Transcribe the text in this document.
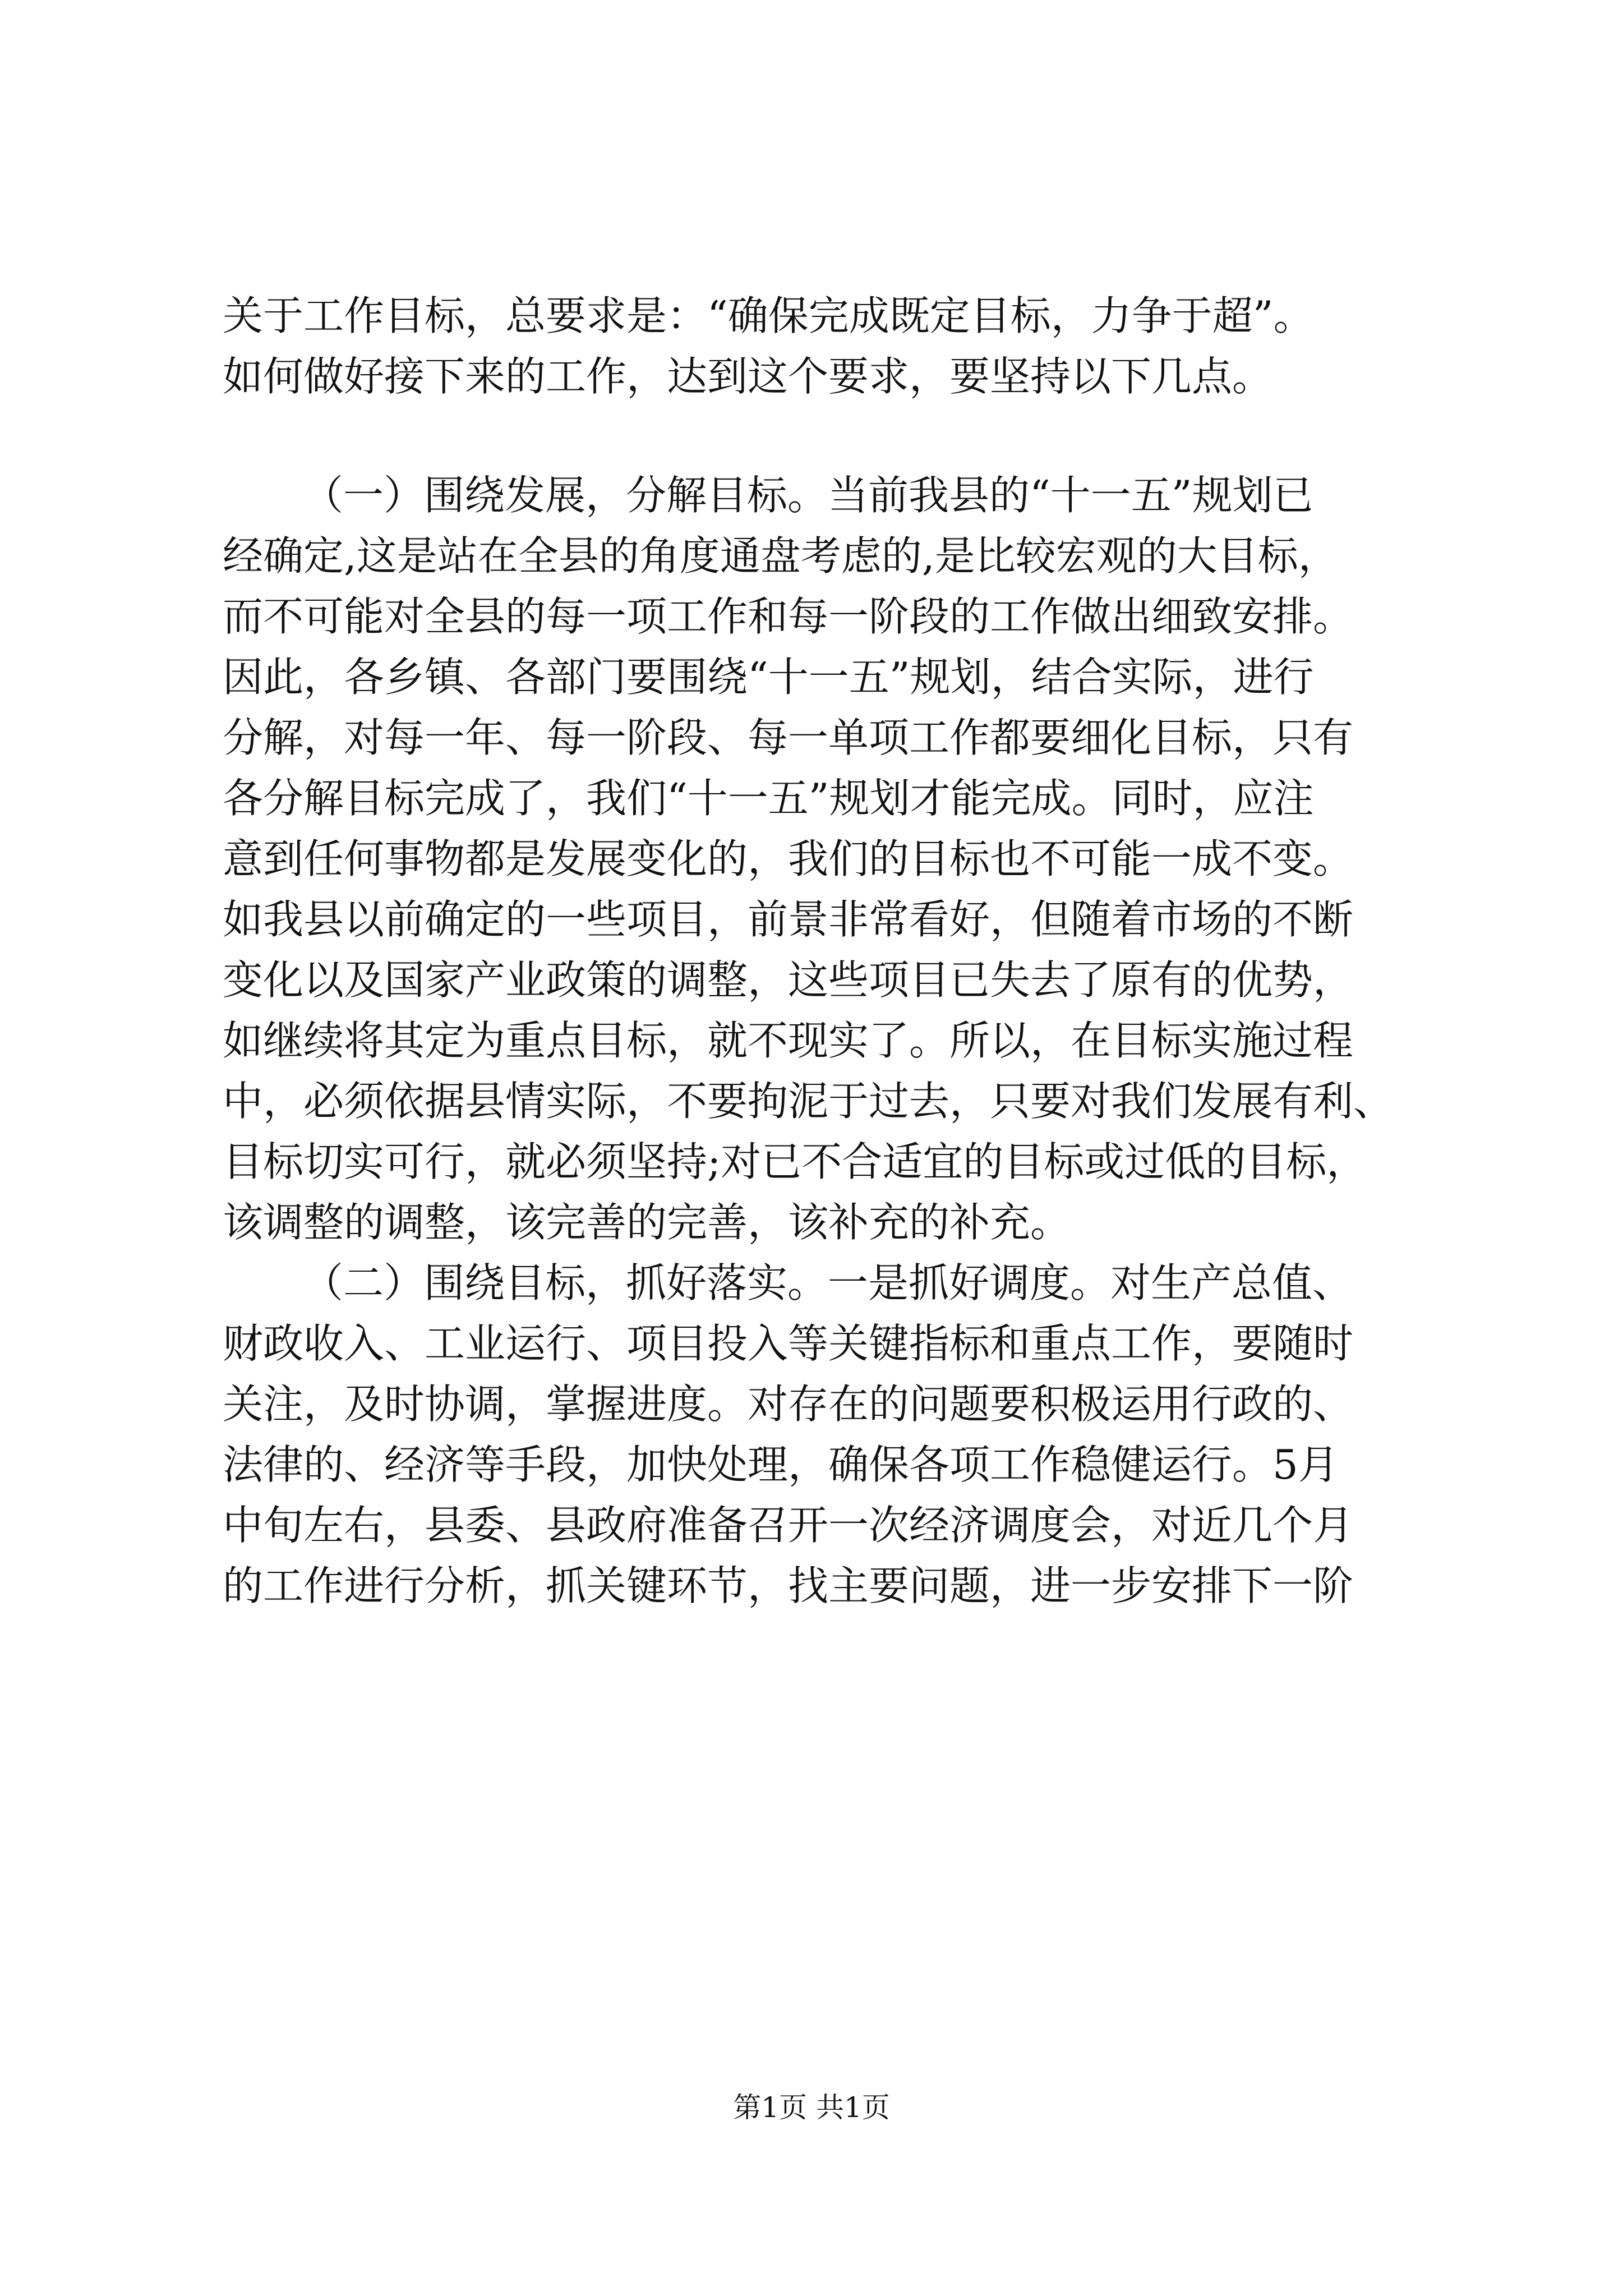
关于工作目标，总要求是：“确保完成既定目标，力争于超”。
如何做好接下来的工作，达到这个要求，要坚持以下几点。
（一）围绕发展，分解目标。当前我县的“十一五”规划已
经确定,这是站在全县的角度通盘考虑的,是比较宏观的大目标，
而不可能对全县的每一项工作和每一阶段的工作做出细致安排。
因此，各乡镇、各部门要围绕“十一五”规划，结合实际，进行
分解，对每一年、每一阶段、每一单项工作都要细化目标，只有
各分解目标完成了，我们“十一五”规划才能完成。同时，应注
意到任何事物都是发展变化的，我们的目标也不可能一成不变。
如我县以前确定的一些项目，前景非常看好，但随着市场的不断
变化以及国家产业政策的调整，这些项目已失去了原有的优势，
如继续将其定为重点目标，就不现实了。所以，在目标实施过程
中，必须依据县情实际，不要拘泥于过去，只要对我们发展有利、
目标切实可行，就必须坚持;对已不合适宜的目标或过低的目标，
该调整的调整，该完善的完善，该补充的补充。
（二）围绕目标，抓好落实。一是抓好调度。对生产总值、
财政收入、工业运行、项目投入等关键指标和重点工作，要随时
关注，及时协调，掌握进度。对存在的问题要积极运用行政的、
法律的、经济等手段，加快处理，确保各项工作稳健运行。5月
中旬左右，县委、县政府准备召开一次经济调度会，对近几个月
的工作进行分析，抓关键环节，找主要问题，进一步安排下一阶
第1页 共1页
